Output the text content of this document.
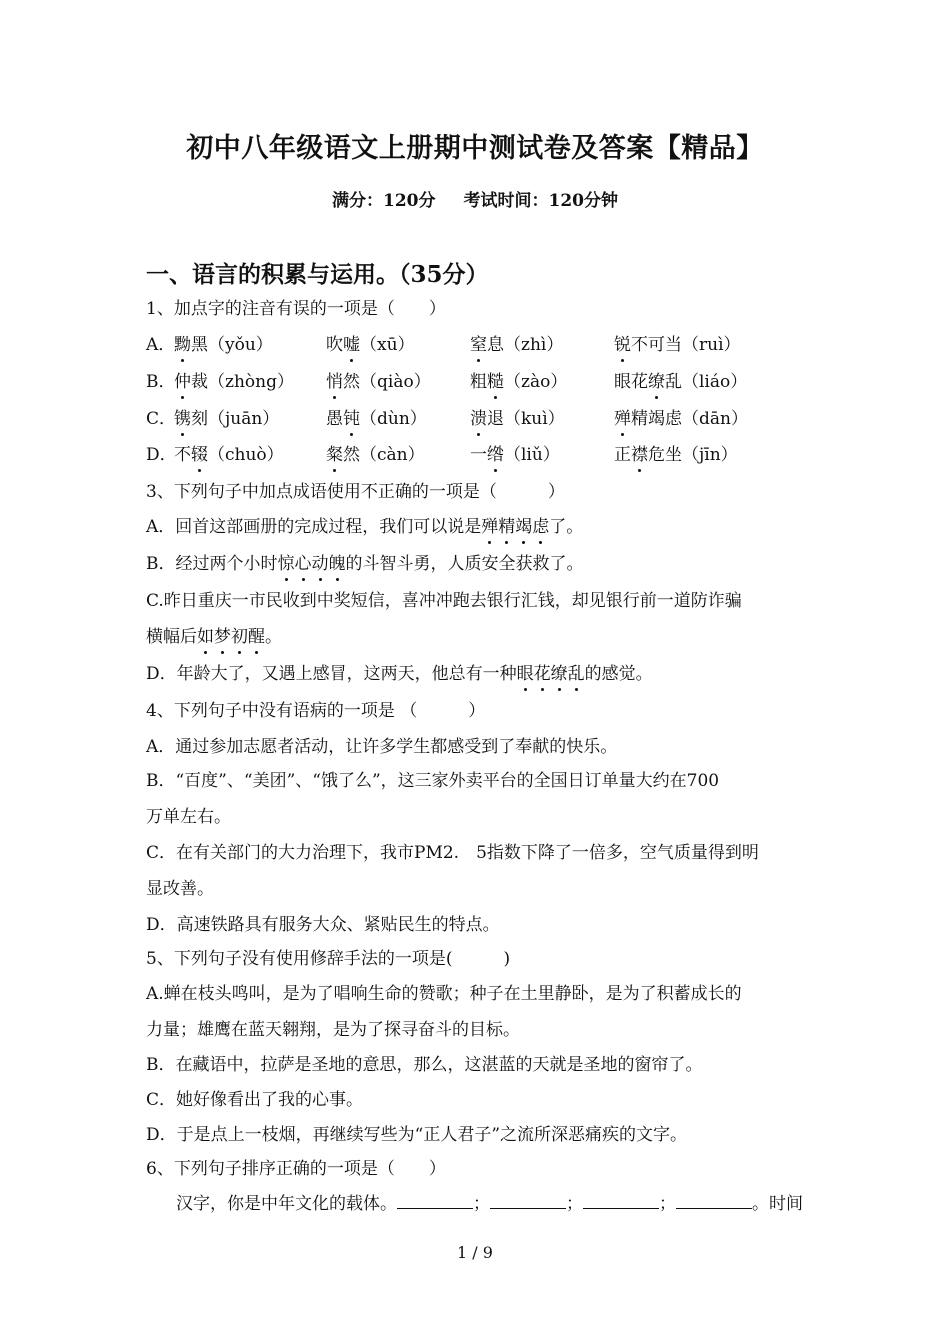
初中八年级语文上册期中测试卷及答案【精品】
满分：120分 考试时间：120分钟
一、语言的积累与运用。（35分）
1、加点字的注音有误的一项是（　　）
A．
黝黑（yǒu）	吹嘘（xū）	窒息（zhì）	锐不可当（ruì）
B．
仲裁（zhòng） 悄然（qiào） 粗糙（zào）	眼花缭乱（liáo）
C．
镌刻（juān）	愚钝（dùn）	溃退（kuì）	殚精竭虑（dān）
D．
不辍（chuò） 粲然（càn）	一绺（liǔ）	正襟危坐（jīn）
3、下列句子中加点成语使用不正确的一项是（　　　）
A．回首这部画册的完成过程，我们可以说是殚精竭虑了。
B．经过两个小时惊心动魄的斗智斗勇，人质安全获救了。
C.昨日重庆一市民收到中奖短信，喜冲冲跑去银行汇钱，却见银行前一道防诈骗
横幅后如梦初醒。
D．年龄大了，又遇上感冒，这两天，他总有一种眼花缭乱的感觉。
4、下列句子中没有语病的一项是 （　　　）
A．通过参加志愿者活动，让许多学生都感受到了奉献的快乐。
B．“百度”、“美团”、“饿了么”，这三家外卖平台的全国日订单量大约在700
万单左右。
C．在有关部门的大力治理下，我市PM2.　5指数下降了一倍多，空气质量得到明
显改善。
D．高速铁路具有服务大众、紧贴民生的特点。
5、下列句子没有使用修辞手法的一项是(　　　)
A.蝉在枝头鸣叫，是为了唱响生命的赞歌；种子在土里静卧，是为了积蓄成长的
力量；雄鹰在蓝天翱翔，是为了探寻奋斗的目标。
B．在藏语中，拉萨是圣地的意思，那么，这湛蓝的天就是圣地的窗帘了。
C．她好像看出了我的心事。
D．于是点上一枝烟，再继续写些为“正人君子”之流所深恶痛疾的文字。
6、下列句子排序正确的一项是（　　）
汉字，你是中年文化的载体。	；	；	；	。时间
1 / 9
